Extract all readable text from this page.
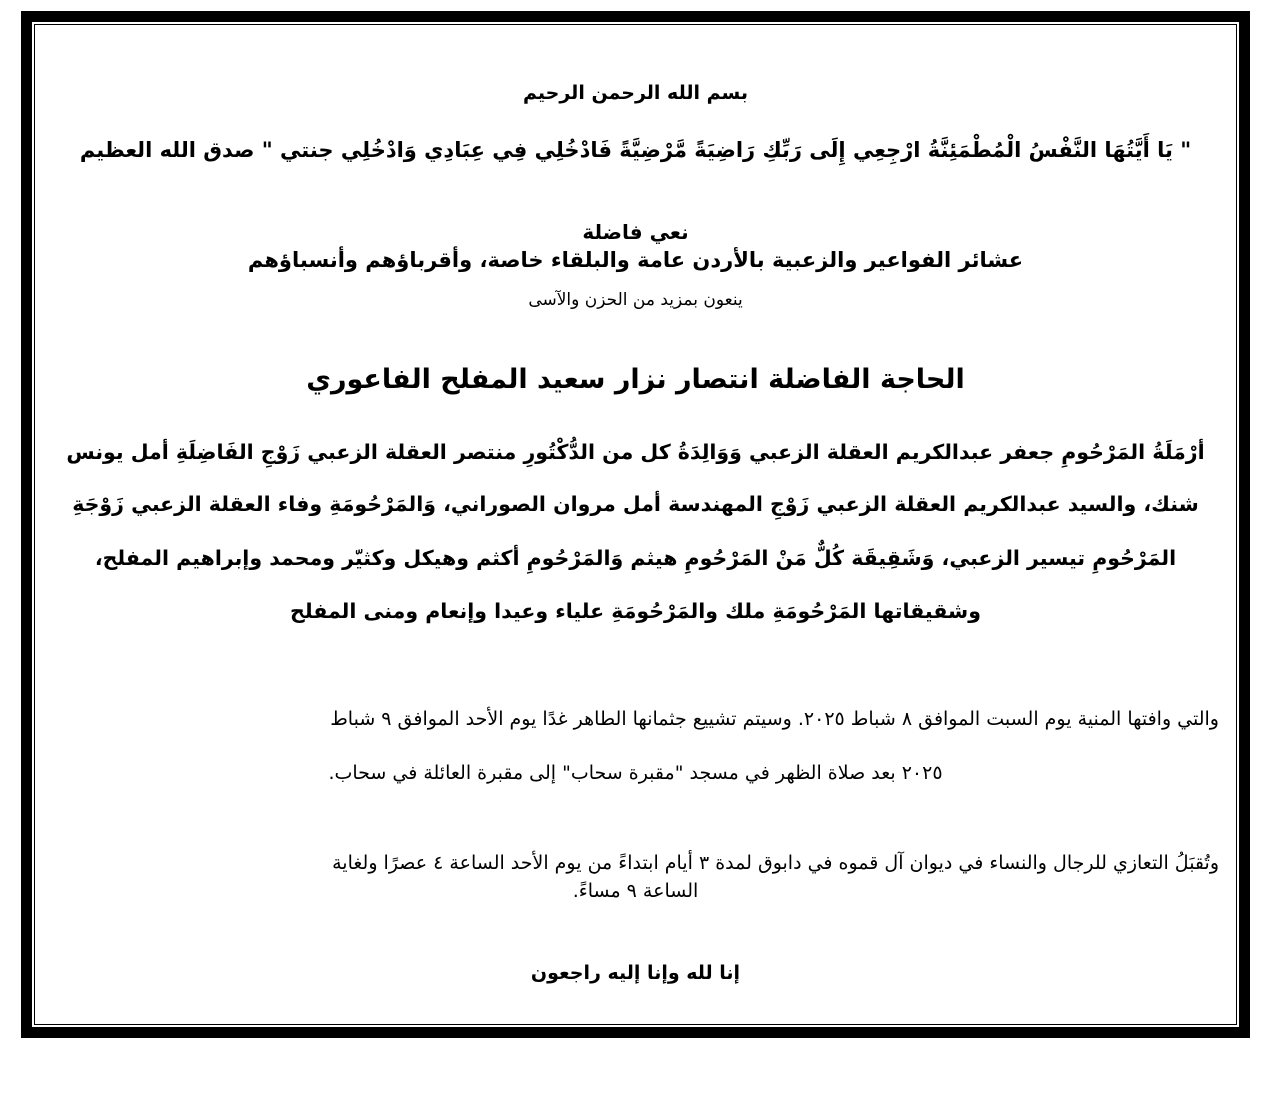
بسم الله الرحمن الرحيم
" يَا أَيَّتُهَا النَّفْسُ الْمُطْمَئِنَّةُ ارْجِعِي إِلَى رَبِّكِ رَاضِيَةً مَّرْضِيَّةً فَادْخُلِي فِي عِبَادِي وَادْخُلِي جنتي " صدق الله العظيم
نعي فاضلة
عشائر الفواعير والزعبية بالأردن عامة والبلقاء خاصة، وأقرباؤهم وأنسباؤهم
ينعون بمزيد من الحزن والآسى
الحاجة الفاضلة انتصار نزار سعيد المفلح الفاعوري
أرْمَلَةُ المَرْحُومِ جعفر عبدالكريم العقلة الزعبي وَوَالِدَةُ كل من الدُّكْتُورِ منتصر العقلة الزعبي زَوْجِ الفَاضِلَةِ أمل يونس
شنك، والسيد عبدالكريم العقلة الزعبي زَوْجِ المهندسة أمل مروان الصوراني، وَالمَرْحُومَةِ وفاء العقلة الزعبي زَوْجَةِ
المَرْحُومِ تيسير الزعبي، وَشَقِيقَة كُلٌّ مَنْ المَرْحُومِ هيثم وَالمَرْحُومِ أكثم وهيكل وكثيّر ومحمد وإبراهيم المفلح،
وشقيقاتها المَرْحُومَةِ ملك والمَرْحُومَةِ علياء وعيدا وإنعام ومنى المفلح
والتي وافتها المنية يوم السبت الموافق ٨ شباط ٢٠٢٥. وسيتم تشييع جثمانها الطاهر غدًا يوم الأحد الموافق ٩ شباط
٢٠٢٥ بعد صلاة الظهر في مسجد "مقبرة سحاب" إلى مقبرة العائلة في سحاب.
وتُقبَلُ التعازي للرجال والنساء في ديوان آل قموه في دابوق لمدة ٣ أيام ابتداءً من يوم الأحد الساعة ٤ عصرًا ولغاية
الساعة ٩ مساءً.
إنا لله وإنا إليه راجعون
